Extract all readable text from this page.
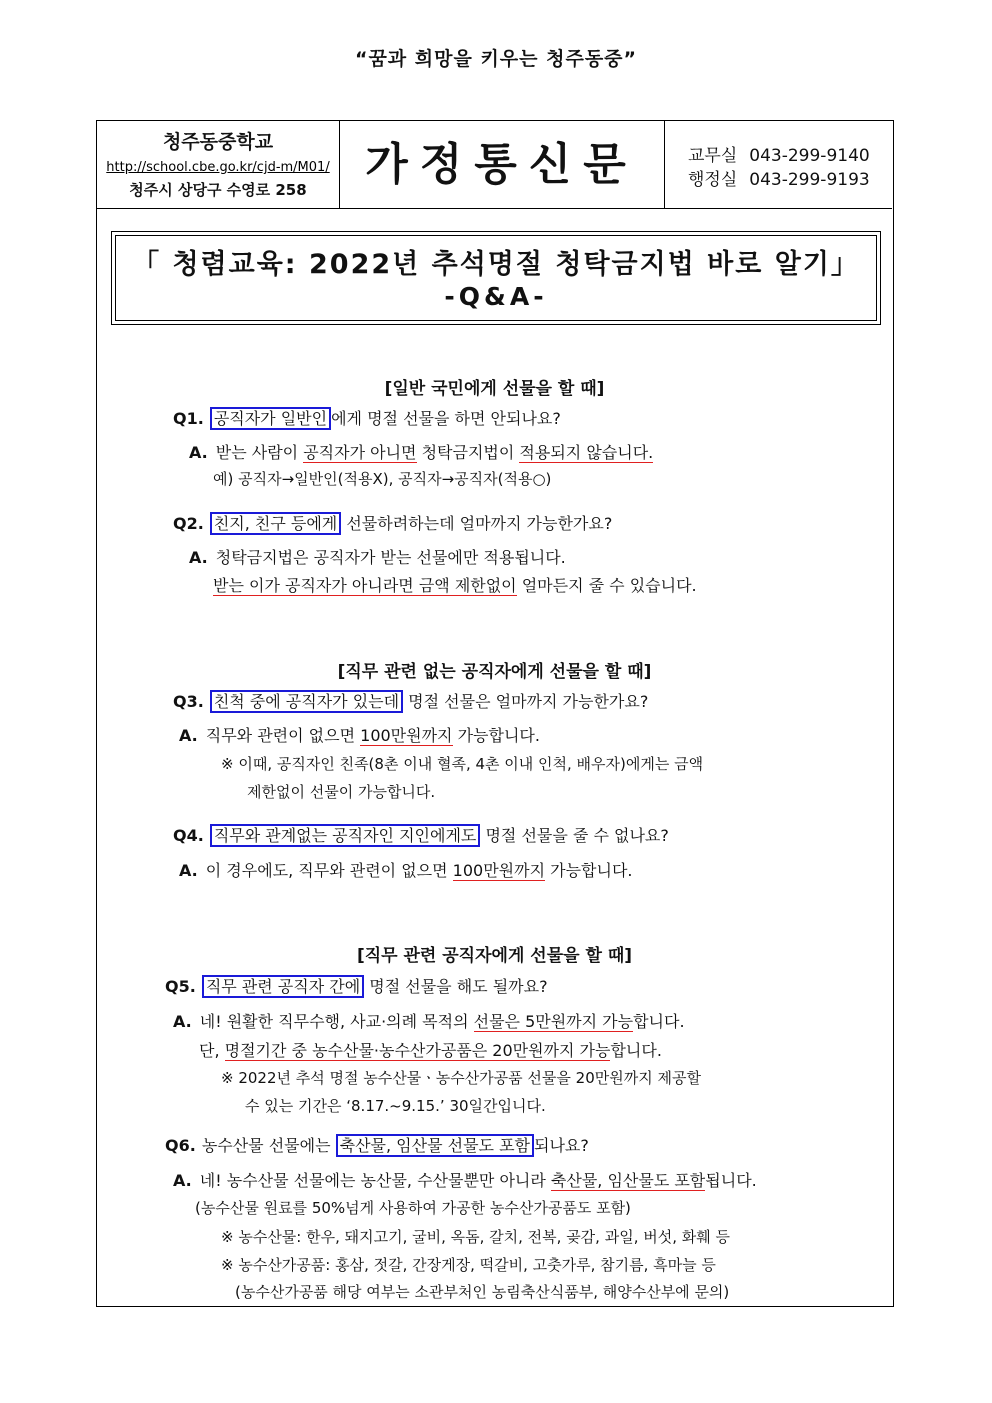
“꿈과 희망을 키우는 청주동중”
청주동중학교
http://school.cbe.go.kr/cjd-m/M01/
청주시 상당구 수영로 258	가정통신문	교무실 043-299-9140
행정실 043-299-9193
「 청렴교육: 2022년 추석명절 청탁금지법 바로 알기」
-Q&A-
[일반 국민에게 선물을 할 때]
Q1. 공직자가 일반인 에게 명절 선물을 하면 안되나요?
A. 받는 사람이 공직자가 아니면 청탁금지법이 적용되지 않습니다.
예) 공직자→일반인(적용X), 공직자→공직자(적용○)
Q2. 친지, 친구 등에게 선물하려하는데 얼마까지 가능한가요?
A. 청탁금지법은 공직자가 받는 선물에만 적용됩니다.
받는 이가 공직자가 아니라면 금액 제한없이 얼마든지 줄 수 있습니다.
[직무 관련 없는 공직자에게 선물을 할 때]
Q3. 친척 중에 공직자가 있는데 명절 선물은 얼마까지 가능한가요?
A. 직무와 관련이 없으면 100만원까지 가능합니다.
※ 이때, 공직자인 친족(8촌 이내 혈족, 4촌 이내 인척, 배우자)에게는 금액
제한없이 선물이 가능합니다.
Q4. 직무와 관계없는 공직자인 지인에게도 명절 선물을 줄 수 없나요?
A. 이 경우에도, 직무와 관련이 없으면 100만원까지 가능합니다.
[직무 관련 공직자에게 선물을 할 때]
Q5. 직무 관련 공직자 간에 명절 선물을 해도 될까요?
A. 네! 원활한 직무수행, 사교·의례 목적의 선물은 5만원까지 가능합니다.
단, 명절기간 중 농수산물·농수산가공품은 20만원까지 가능합니다.
※ 2022년 추석 명절 농수산물ㆍ농수산가공품 선물을 20만원까지 제공할
수 있는 기간은 ‘8.17.~9.15.’ 30일간입니다.
Q6. 농수산물 선물에는 축산물, 임산물 선물도 포함 되나요?
A. 네! 농수산물 선물에는 농산물, 수산물뿐만 아니라 축산물, 임산물도 포함됩니다.
(농수산물 원료를 50%넘게 사용하여 가공한 농수산가공품도 포함)
※ 농수산물: 한우, 돼지고기, 굴비, 옥돔, 갈치, 전복, 곶감, 과일, 버섯, 화훼 등
※ 농수산가공품: 홍삼, 젓갈, 간장게장, 떡갈비, 고춧가루, 참기름, 흑마늘 등
(농수산가공품 해당 여부는 소관부처인 농림축산식품부, 해양수산부에 문의)
